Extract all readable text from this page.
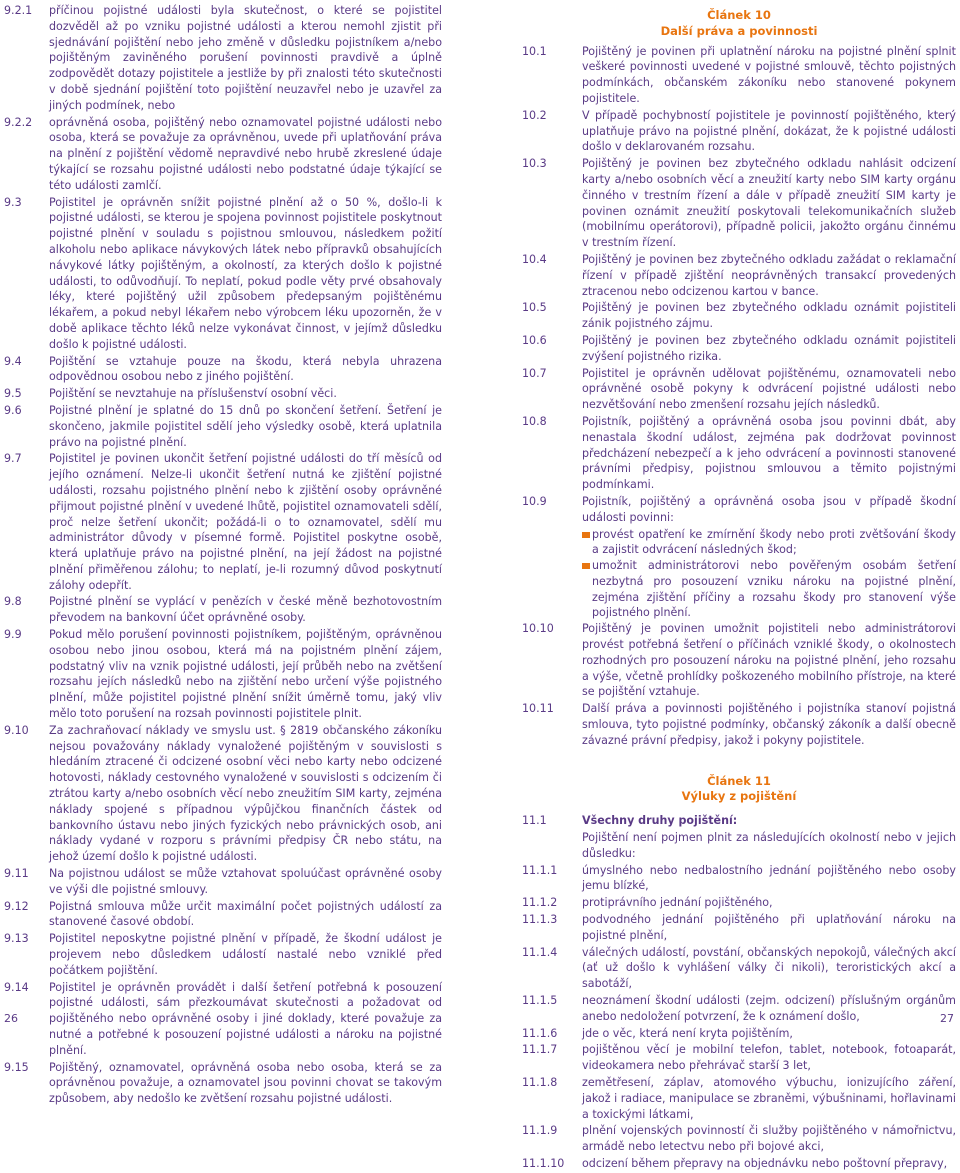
9.2.1	příčinou pojistné události byla skutečnost, o které se pojistitel dozvěděl až po vzniku pojistné události a kterou nemohl zjistit při sjednávání pojištění nebo jeho změně v důsledku pojistníkem a/nebo pojištěným zaviněného porušení povinnosti pravdivě a úplně zodpovědět dotazy pojistitele a jestliže by při znalosti této skutečnosti v době sjednání pojištění toto pojištění neuzavřel nebo je uzavřel za jiných podmínek, nebo
9.2.2	oprávněná osoba, pojištěný nebo oznamovatel pojistné události nebo osoba, která se považuje za oprávněnou, uvede při uplatňování práva na plnění z pojištění vědomě nepravdivé nebo hrubě zkreslené údaje týkající se rozsahu pojistné události nebo podstatné údaje týkající se této události zamlčí.
9.3	Pojistitel je oprávněn snížit pojistné plnění až o 50 %, došlo-li k pojistné události, se kterou je spojena povinnost pojistitele poskytnout pojistné plnění v souladu s pojistnou smlouvou, následkem požití alkoholu nebo aplikace návykových látek nebo přípravků obsahujících návykové látky pojištěným, a okolností, za kterých došlo k pojistné události, to odůvodňují. To neplatí, pokud podle věty prvé obsahovaly léky, které pojištěný užil způsobem předepsaným pojištěnému lékařem, a pokud nebyl lékařem nebo výrobcem léku upozorněn, že v době aplikace těchto léků nelze vykonávat činnost, v jejímž důsledku došlo k pojistné události.
9.4	Pojištění se vztahuje pouze na škodu, která nebyla uhrazena odpovědnou osobou nebo z jiného pojištění.
9.5	Pojištění se nevztahuje na příslušenství osobní věci.
9.6	Pojistné plnění je splatné do 15 dnů po skončení šetření. Šetření je skončeno, jakmile pojistitel sdělí jeho výsledky osobě, která uplatnila právo na pojistné plnění.
9.7	Pojistitel je povinen ukončit šetření pojistné události do tří měsíců od jejího oznámení. Nelze-li ukončit šetření nutná ke zjištění pojistné události, rozsahu pojistného plnění nebo k zjištění osoby oprávněné přijmout pojistné plnění v uvedené lhůtě, pojistitel oznamovateli sdělí, proč nelze šetření ukončit; požádá-li o to oznamovatel, sdělí mu administrátor důvody v písemné formě. Pojistitel poskytne osobě, která uplatňuje právo na pojistné plnění, na její žádost na pojistné plnění přiměřenou zálohu; to neplatí, je-li rozumný důvod poskytnutí zálohy odepřít.
9.8	Pojistné plnění se vyplácí v penězích v české měně bezhotovostním převodem na bankovní účet oprávněné osoby.
9.9	Pokud mělo porušení povinnosti pojistníkem, pojištěným, oprávněnou osobou nebo jinou osobou, která má na pojistném plnění zájem, podstatný vliv na vznik pojistné události, její průběh nebo na zvětšení rozsahu jejích následků nebo na zjištění nebo určení výše pojistného plnění, může pojistitel pojistné plnění snížit úměrně tomu, jaký vliv mělo toto porušení na rozsah povinnosti pojistitele plnit.
9.10	Za zachraňovací náklady ve smyslu ust. § 2819 občanského zákoníku nejsou považovány náklady vynaložené pojištěným v souvislosti s hledáním ztracené či odcizené osobní věci nebo karty nebo odcizené hotovosti, náklady cestovného vynaložené v souvislosti s odcizením či ztrátou karty a/nebo osobních věcí nebo zneužitím SIM karty, zejména náklady spojené s případnou výpůjčkou finančních částek od bankovního ústavu nebo jiných fyzických nebo právnických osob, ani náklady vydané v rozporu s právními předpisy ČR nebo státu, na jehož území došlo k pojistné události.
9.11	Na pojistnou událost se může vztahovat spoluúčast oprávněné osoby ve výši dle pojistné smlouvy.
9.12	Pojistná smlouva může určit maximální počet pojistných událostí za stanovené časové období.
9.13	Pojistitel neposkytne pojistné plnění v případě, že škodní událost je projevem nebo důsledkem událostí nastalé nebo vzniklé před počátkem pojištění.
9.14	Pojistitel je oprávněn provádět i další šetření potřebná k posouzení pojistné události, sám přezkoumávat skutečnosti a požadovat od pojištěného nebo oprávněné osoby i jiné doklady, které považuje za nutné a potřebné k posouzení pojistné události a nároku na pojistné plnění.
9.15	Pojištěný, oznamovatel, oprávněná osoba nebo osoba, která se za oprávněnou považuje, a oznamovatel jsou povinni chovat se takovým způsobem, aby nedošlo ke zvětšení rozsahu pojistné události.
Článek 10
Další práva a povinnosti
10.1	Pojištěný je povinen při uplatnění nároku na pojistné plnění splnit veškeré povinnosti uvedené v pojistné smlouvě, těchto pojistných podmínkách, občanském zákoníku nebo stanovené pokynem pojistitele.
10.2	V případě pochybností pojistitele je povinností pojištěného, který uplatňuje právo na pojistné plnění, dokázat, že k pojistné události došlo v deklarovaném rozsahu.
10.3	Pojištěný je povinen bez zbytečného odkladu nahlásit odcizení karty a/nebo osobních věcí a zneužití karty nebo SIM karty orgánu činného v trestním řízení a dále v případě zneužití SIM karty je povinen oznámit zneužití poskytovali telekomunikačních služeb (mobilnímu operátorovi), případně policii, jakožto orgánu činnému v trestním řízení.
10.4	Pojištěný je povinen bez zbytečného odkladu zažádat o reklamační řízení v případě zjištění neoprávněných transakcí provedených ztracenou nebo odcizenou kartou v bance.
10.5	Pojištěný je povinen bez zbytečného odkladu oznámit pojistiteli zánik pojistného zájmu.
10.6	Pojištěný je povinen bez zbytečného odkladu oznámit pojistiteli zvýšení pojistného rizika.
10.7	Pojistitel je oprávněn udělovat pojištěnému, oznamovateli nebo oprávněné osobě pokyny k odvrácení pojistné události nebo nezvětšování nebo zmenšení rozsahu jejích následků.
10.8	Pojistník, pojištěný a oprávněná osoba jsou povinni dbát, aby nenastala škodní událost, zejména pak dodržovat povinnost předcházení nebezpečí a k jeho odvrácení a povinnosti stanovené právními předpisy, pojistnou smlouvou a těmito pojistnými podmínkami.
10.9	Pojistník, pojištěný a oprávněná osoba jsou v případě škodní události povinni:
provést opatření ke zmírnění škody nebo proti zvětšování škody a zajistit odvrácení následných škod;
umožnit administrátorovi nebo pověřeným osobám šetření nezbytná pro posouzení vzniku nároku na pojistné plnění, zejména zjištění příčiny a rozsahu škody pro stanovení výše pojistného plnění.
10.10	Pojištěný je povinen umožnit pojistiteli nebo administrátorovi provést potřebná šetření o příčinách vzniklé škody, o okolnostech rozhodných pro posouzení nároku na pojistné plnění, jeho rozsahu a výše, včetně prohlídky poškozeného mobilního přístroje, na které se pojištění vztahuje.
10.11	Další práva a povinnosti pojištěného i pojistníka stanoví pojistná smlouva, tyto pojistné podmínky, občanský zákoník a další obecně závazné právní předpisy, jakož i pokyny pojistitele.
Článek 11
Výluky z pojištění
11.1	Všechny druhy pojištění:
Pojištění není pojmen plnit za následujících okolností nebo v jejich důsledku:
11.1.1	úmyslného nebo nedbalostního jednání pojištěného nebo osoby jemu blízké,
11.1.2	protiprávního jednání pojištěného,
11.1.3	podvodného jednání pojištěného při uplatňování nároku na pojistné plnění,
11.1.4	válečných událostí, povstání, občanských nepokojů, válečných akcí (ať už došlo k vyhlášení války či nikoli), teroristických akcí a sabotáží,
11.1.5	neoznámení škodní události (zejm. odcizení) příslušným orgánům anebo nedoložení potvrzení, že k oznámení došlo,
11.1.6	jde o věc, která není kryta pojištěním,
11.1.7	pojištěnou věcí je mobilní telefon, tablet, notebook, fotoaparát, videokamera nebo přehrávač starší 3 let,
11.1.8	zemětřesení, záplav, atomového výbuchu, ionizujícího záření, jakož i radiace, manipulace se zbraněmi, výbušninami, hořlavinami a toxickými látkami,
11.1.9	plnění vojenských povinností či služby pojištěného v námořnictvu, armádě nebo letectvu nebo při bojové akci,
11.1.10	odcizení během přepravy na objednávku nebo poštovní přepravy,
26	27
